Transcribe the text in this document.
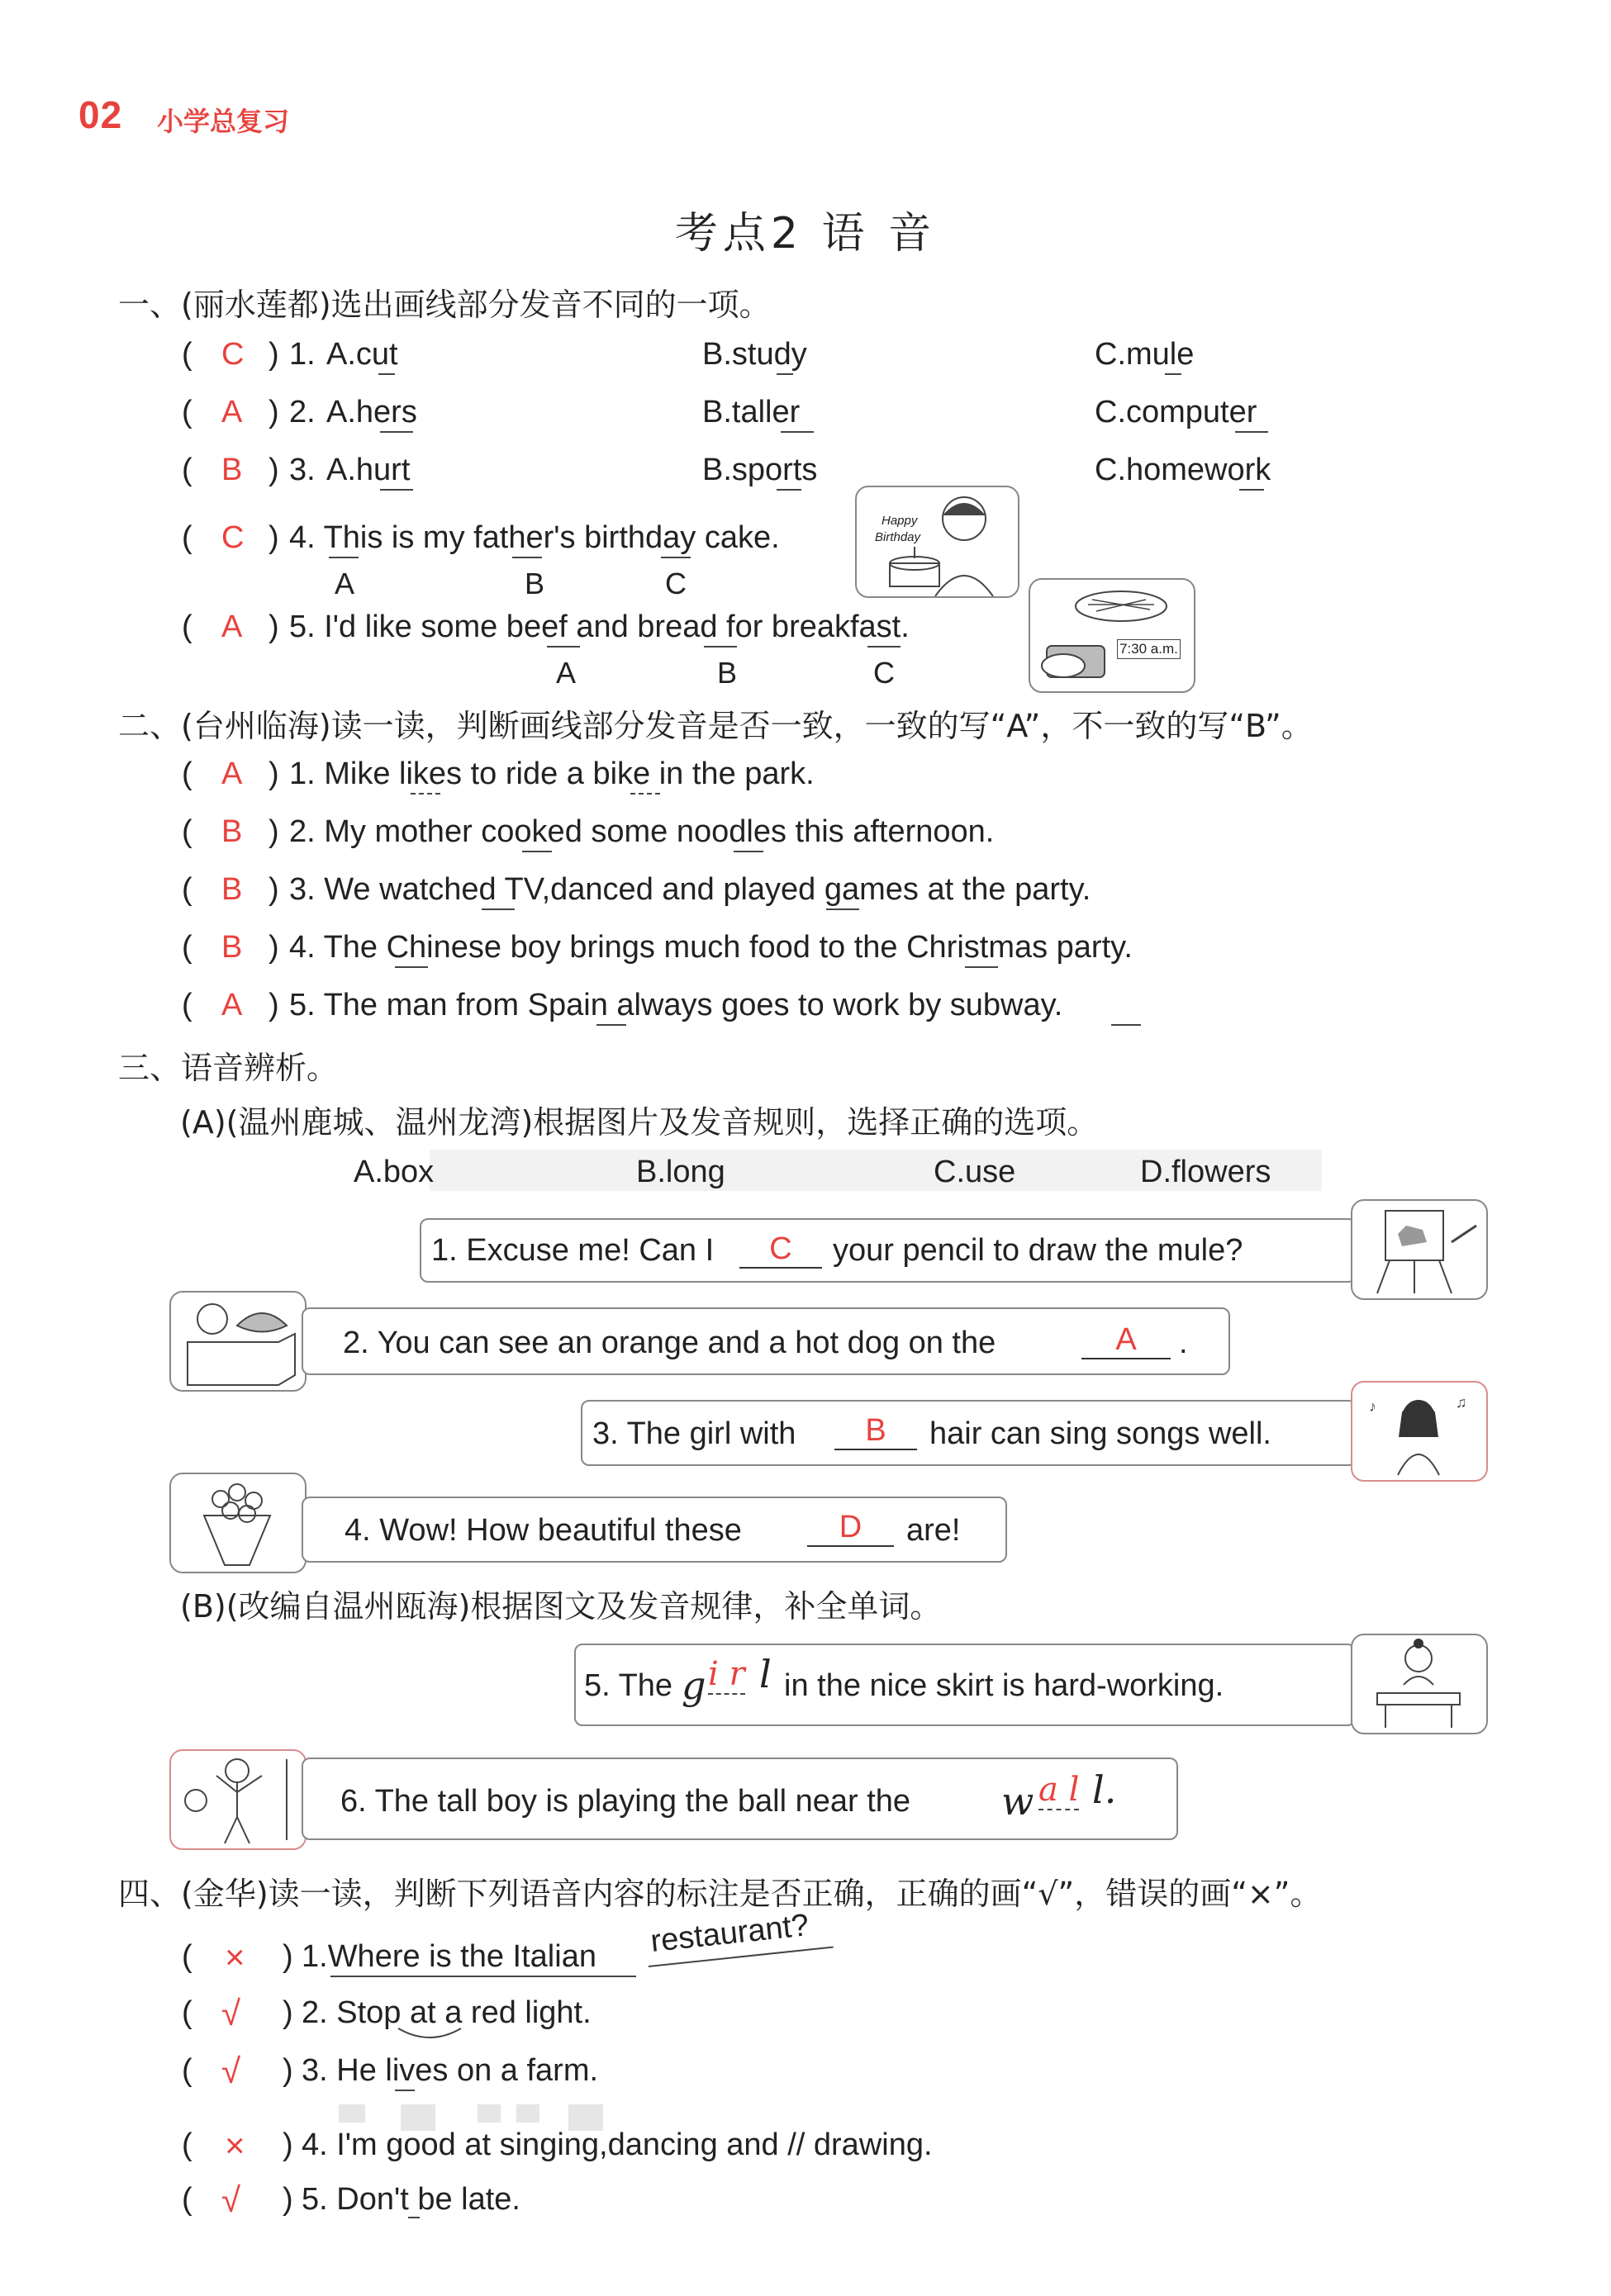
02 小学总复习
考点2 语 音
一、(丽水莲都)选出画线部分发音不同的一项。
( C ) 1. A.cut	B.study	C.mule
( A ) 2. A.hers	B.taller	C.computer
( B ) 3. A.hurt	B.sports	C.homework
( C ) 4. This is my father's birthday cake.
A	B	C
Happy
Birthday
( A ) 5. I'd like some beef and bread for breakfast.
A	B	C
7:30 a.m.
二、(台州临海)读一读，判断画线部分发音是否一致，一致的写“A”，不一致的写“B”。
( A ) 1. Mike likes to ride a bike in the park.
( B ) 2. My mother cooked some noodles this afternoon.
( B ) 3. We watched TV,danced and played games at the party.
( B ) 4. The Chinese boy brings much food to the Christmas party.
( A ) 5. The man from Spain always goes to work by subway.
三、语音辨析。
(A)(温州鹿城、温州龙湾)根据图片及发音规则，选择正确的选项。
A.box	B.long	C.use	D.flowers
1. Excuse me! Can I	C	your pencil to draw the mule?
2. You can see an orange and a hot dog on the	A	.
3. The girl with	B	hair can sing songs well.
♪	♫
4. Wow! How beautiful these	D	are!
(B)(改编自温州瓯海)根据图文及发音规律，补全单词。
5. The g i r l in the nice skirt is hard-working.
6. The tall boy is playing the ball near the w a l l.
四、(金华)读一读，判断下列语音内容的标注是否正确，正确的画“√”，错误的画“×”。
( × ) 1.Where is the Italian restaurant?
( √ ) 2. Stop at a red light.
( √ ) 3. He lives on a farm.
( × ) 4. I'm good at singing,dancing and // drawing.
( √ ) 5. Don't be late.
